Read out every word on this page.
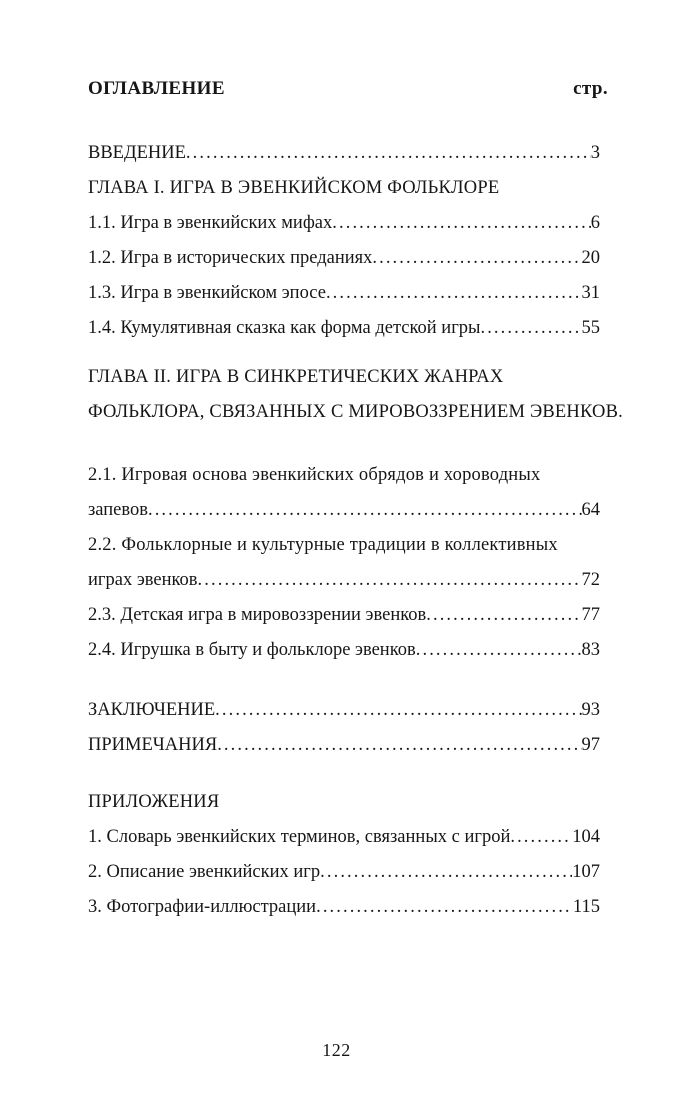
ОГЛАВЛЕНИЕ	стр.
ВВЕДЕНИЕ .....	3
ГЛАВА I. ИГРА В ЭВЕНКИЙСКОМ ФОЛЬКЛОРЕ
1.1. Игра в эвенкийских мифах .....	6
1.2. Игра в исторических преданиях .....	20
1.3. Игра в эвенкийском эпосе .....	31
1.4. Кумулятивная сказка как форма детской игры .....	55
ГЛАВА II. ИГРА В СИНКРЕТИЧЕСКИХ ЖАНРАХ
ФОЛЬКЛОРА, СВЯЗАННЫХ С МИРОВОЗЗРЕНИЕМ ЭВЕНКОВ.
2.1. Игровая основа эвенкийских обрядов и хороводных
запевов .....	64
2.2. Фольклорные и культурные традиции в коллективных
играх эвенков .....	72
2.3. Детская игра в мировоззрении эвенков .....	77
2.4. Игрушка в быту и фольклоре эвенков .....	83
ЗАКЛЮЧЕНИЕ .....	93
ПРИМЕЧАНИЯ .....	97
ПРИЛОЖЕНИЯ
1. Словарь эвенкийских терминов, связанных с игрой .....	104
2. Описание эвенкийских игр .....	107
3. Фотографии-иллюстрации .....	115
122
